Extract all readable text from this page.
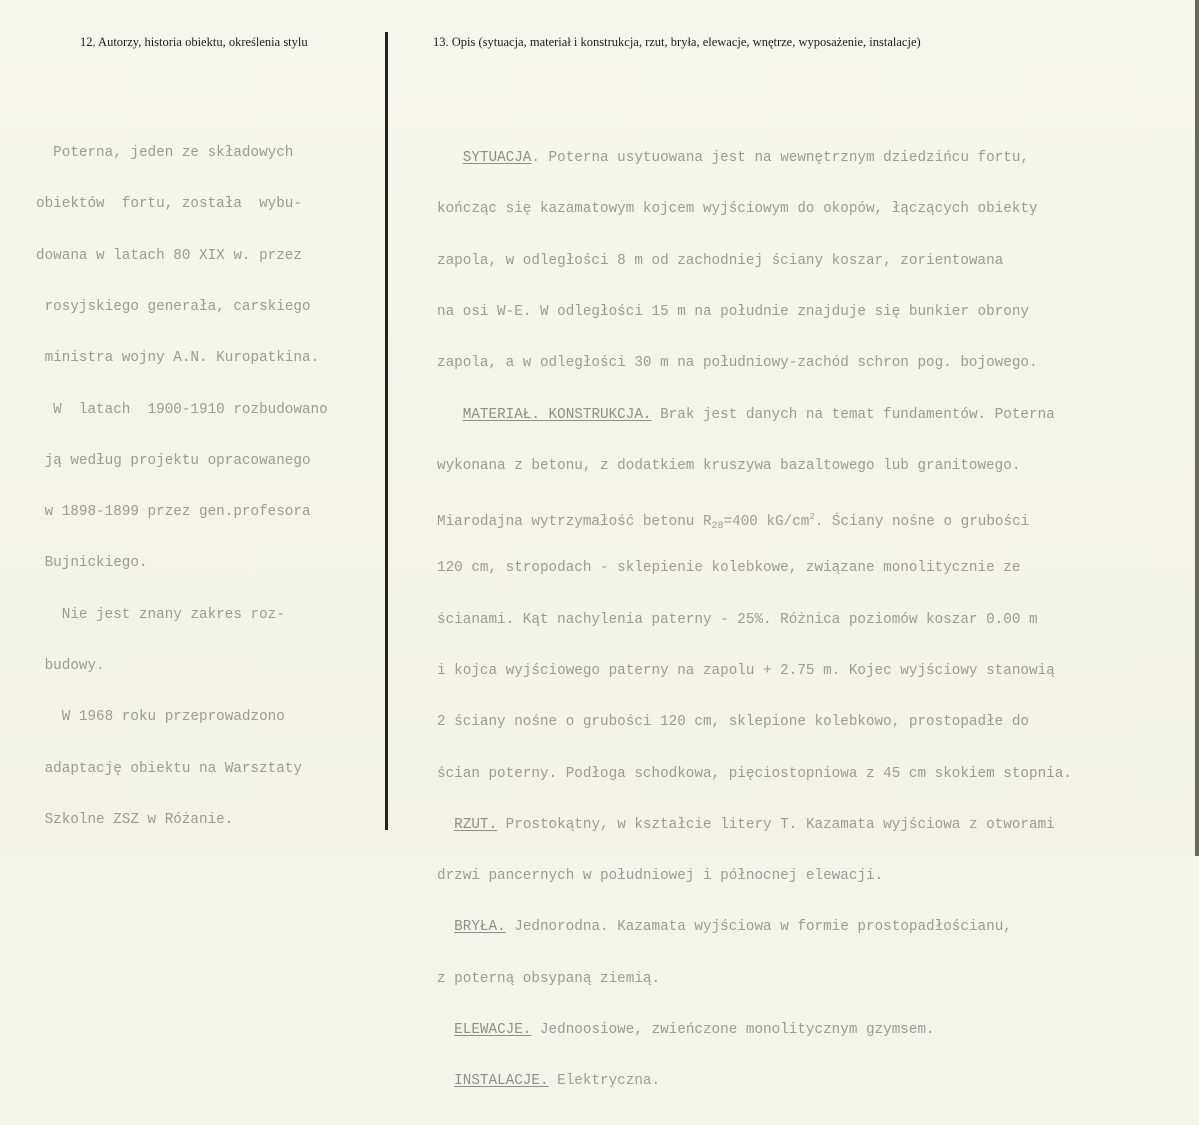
12. Autorzy, historia obiektu, określenia stylu	13. Opis (sytuacja, materiał i konstrukcja, rzut, bryła, elewacje, wnętrze, wyposażenie, instalacje)

Poterna, jeden ze składowych

obiektów  fortu, została  wybu-

dowana w latach 80 XIX w. przez

rosyjskiego generała, carskiego

ministra wojny A.N. Kuropatkina.

W  latach  1900-1910 rozbudowano

ją według projektu opracowanego

w 1898-1899 przez gen.profesora

Bujnickiego.

Nie jest znany zakres roz-

budowy.

W 1968 roku przeprowadzono

adaptację obiektu na Warsztaty

Szkolne ZSZ w Różanie.

SYTUACJA. Poterna usytuowana jest na wewnętrznym dziedzińcu fortu,

kończąc się kazamatowym kojcem wyjściowym do okopów, łączących obiekty

zapola, w odległości 8 m od zachodniej ściany koszar, zorientowana

na osi W-E. W odległości 15 m na południe znajduje się bunkier obrony

zapola, a w odległości 30 m na południowy-zachód schron pog. bojowego.

MATERIAŁ. KONSTRUKCJA. Brak jest danych na temat fundamentów. Poterna

wykonana z betonu, z dodatkiem kruszywa bazaltowego lub granitowego.

Miarodajna wytrzymałość betonu $R_{28}=400$ $kG/cm^2$. Ściany nośne o grubości

120 cm, stropodach - sklepienie kolebkowe, związane monolitycznie ze

ścianami. Kąt nachylenia paterny - 25%. Różnica poziomów koszar 0.00 m

i kojca wyjściowego paterny na zapolu + 2.75 m. Kojec wyjściowy stanowią

2 ściany nośne o grubości 120 cm, sklepione kolebkowo, prostopadłe do

ścian poterny. Podłoga schodkowa, pięciostopniowa z 45 cm skokiem stopnia.

RZUT. Prostokątny, w kształcie litery T. Kazamata wyjściowa z otworami

drzwi pancernych w południowej i północnej elewacji.

BRYŁA. Jednorodna. Kazamata wyjściowa w formie prostopadłościanu,

z poterną obsypaną ziemią.

ELEWACJE. Jednoosiowe, zwieńczone monolitycznym gzymsem.

INSTALACJE. Elektryczna.
